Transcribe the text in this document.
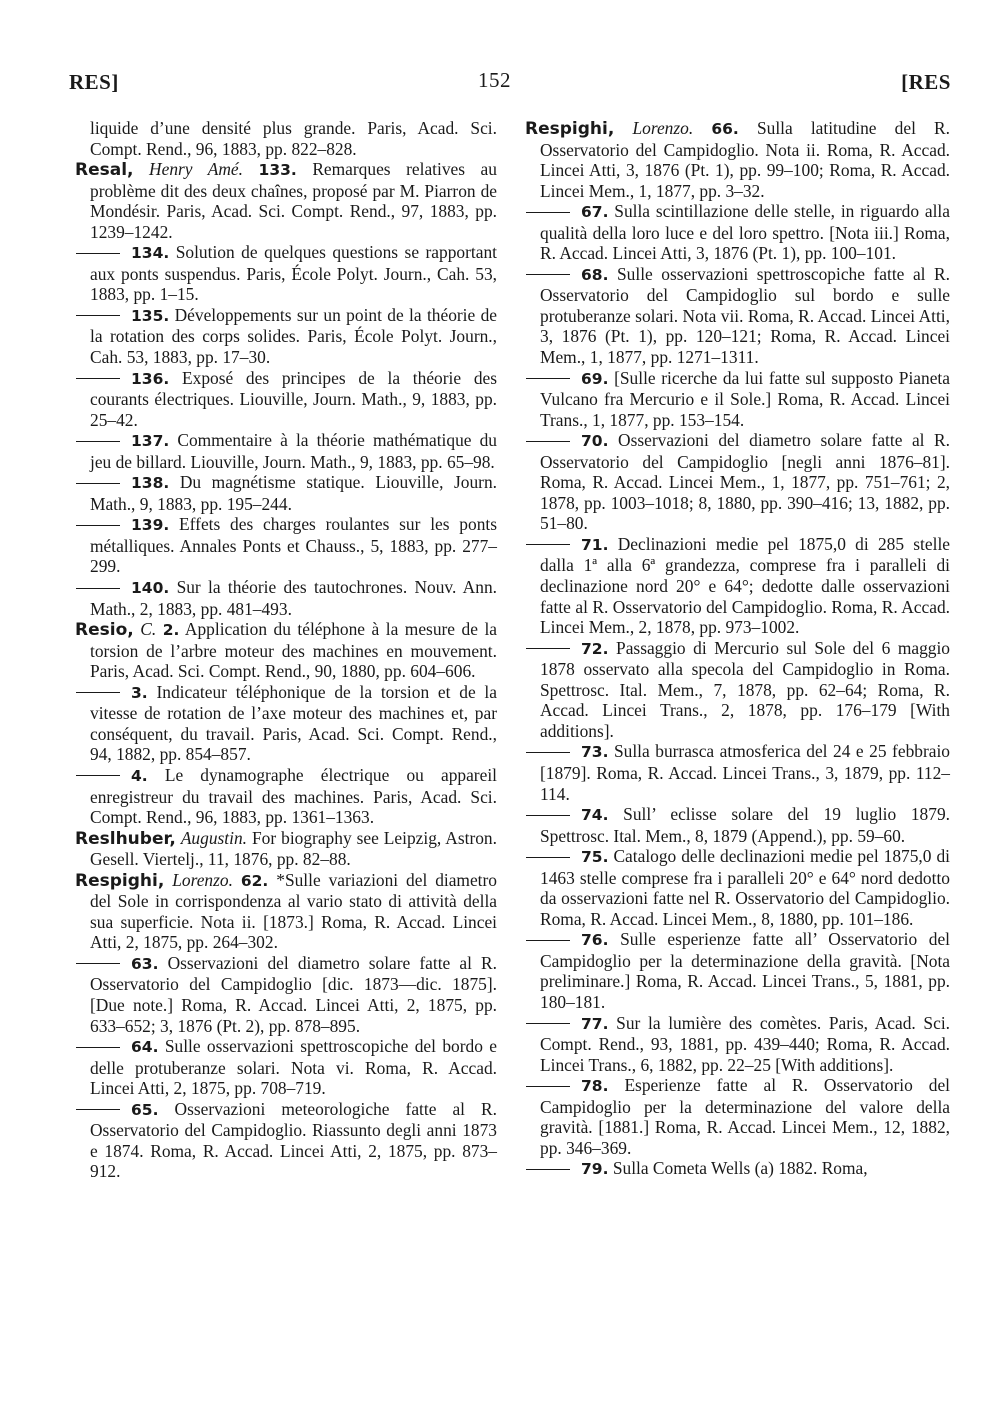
RES]	152	[RES

liquide d’une densité plus grande. Paris, Acad. Sci. Compt. Rend., 96, 1883, pp. 822–828.

Resal, Henry Amé. 133. Remarques relatives au problème dit des deux chaînes, proposé par M. Piarron de Mondésir. Paris, Acad. Sci. Compt. Rend., 97, 1883, pp. 1239–1242.

134. Solution de quelques questions se rapportant aux ponts suspendus. Paris, École Polyt. Journ., Cah. 53, 1883, pp. 1–15.

135. Développements sur un point de la théorie de la rotation des corps solides. Paris, École Polyt. Journ., Cah. 53, 1883, pp. 17–30.

136. Exposé des principes de la théorie des courants électriques. Liouville, Journ. Math., 9, 1883, pp. 25–42.

137. Commentaire à la théorie mathématique du jeu de billard. Liouville, Journ. Math., 9, 1883, pp. 65–98.

138. Du magnétisme statique. Liouville, Journ. Math., 9, 1883, pp. 195–244.

139. Effets des charges roulantes sur les ponts métalliques. Annales Ponts et Chauss., 5, 1883, pp. 277–299.

140. Sur la théorie des tautochrones. Nouv. Ann. Math., 2, 1883, pp. 481–493.

Resio, C. 2. Application du téléphone à la mesure de la torsion de l’arbre moteur des machines en mouvement. Paris, Acad. Sci. Compt. Rend., 90, 1880, pp. 604–606.

3. Indicateur téléphonique de la torsion et de la vitesse de rotation de l’axe moteur des machines et, par conséquent, du travail. Paris, Acad. Sci. Compt. Rend., 94, 1882, pp. 854–857.

4. Le dynamographe électrique ou appareil enregistreur du travail des machines. Paris, Acad. Sci. Compt. Rend., 96, 1883, pp. 1361–1363.

Reslhuber, Augustin. For biography see Leipzig, Astron. Gesell. Viertelj., 11, 1876, pp. 82–88.

Respighi, Lorenzo. 62. *Sulle variazioni del diametro del Sole in corrispondenza al vario stato di attività della sua superficie. Nota ii. [1873.] Roma, R. Accad. Lincei Atti, 2, 1875, pp. 264–302.

63. Osservazioni del diametro solare fatte al R. Osservatorio del Campidoglio [dic. 1873—dic. 1875]. [Due note.] Roma, R. Accad. Lincei Atti, 2, 1875, pp. 633–652; 3, 1876 (Pt. 2), pp. 878–895.

64. Sulle osservazioni spettroscopiche del bordo e delle protuberanze solari. Nota vi. Roma, R. Accad. Lincei Atti, 2, 1875, pp. 708–719.

65. Osservazioni meteorologiche fatte al R. Osservatorio del Campidoglio. Riassunto degli anni 1873 e 1874. Roma, R. Accad. Lincei Atti, 2, 1875, pp. 873–912.

Respighi, Lorenzo. 66. Sulla latitudine del R. Osservatorio del Campidoglio. Nota ii. Roma, R. Accad. Lincei Atti, 3, 1876 (Pt. 1), pp. 99–100; Roma, R. Accad. Lincei Mem., 1, 1877, pp. 3–32.

67. Sulla scintillazione delle stelle, in riguardo alla qualità della loro luce e del loro spettro. [Nota iii.] Roma, R. Accad. Lincei Atti, 3, 1876 (Pt. 1), pp. 100–101.

68. Sulle osservazioni spettroscopiche fatte al R. Osservatorio del Campidoglio sul bordo e sulle protuberanze solari. Nota vii. Roma, R. Accad. Lincei Atti, 3, 1876 (Pt. 1), pp. 120–121; Roma, R. Accad. Lincei Mem., 1, 1877, pp. 1271–1311.

69. [Sulle ricerche da lui fatte sul supposto Pianeta Vulcano fra Mercurio e il Sole.] Roma, R. Accad. Lincei Trans., 1, 1877, pp. 153–154.

70. Osservazioni del diametro solare fatte al R. Osservatorio del Campidoglio [negli anni 1876–81]. Roma, R. Accad. Lincei Mem., 1, 1877, pp. 751–761; 2, 1878, pp. 1003–1018; 8, 1880, pp. 390–416; 13, 1882, pp. 51–80.

71. Declinazioni medie pel 1875,0 di 285 stelle dalla 1ª alla 6ª grandezza, comprese fra i paralleli di declinazione nord 20° e 64°; dedotte dalle osservazioni fatte al R. Osservatorio del Campidoglio. Roma, R. Accad. Lincei Mem., 2, 1878, pp. 973–1002.

72. Passaggio di Mercurio sul Sole del 6 maggio 1878 osservato alla specola del Campidoglio in Roma. Spettrosc. Ital. Mem., 7, 1878, pp. 62–64; Roma, R. Accad. Lincei Trans., 2, 1878, pp. 176–179 [With additions].

73. Sulla burrasca atmosferica del 24 e 25 febbraio [1879]. Roma, R. Accad. Lincei Trans., 3, 1879, pp. 112–114.

74. Sull’ eclisse solare del 19 luglio 1879. Spettrosc. Ital. Mem., 8, 1879 (Append.), pp. 59–60.

75. Catalogo delle declinazioni medie pel 1875,0 di 1463 stelle comprese fra i paralleli 20° e 64° nord dedotto da osservazioni fatte nel R. Osservatorio del Campidoglio. Roma, R. Accad. Lincei Mem., 8, 1880, pp. 101–186.

76. Sulle esperienze fatte all’ Osservatorio del Campidoglio per la determinazione della gravità. [Nota preliminare.] Roma, R. Accad. Lincei Trans., 5, 1881, pp. 180–181.

77. Sur la lumière des comètes. Paris, Acad. Sci. Compt. Rend., 93, 1881, pp. 439–440; Roma, R. Accad. Lincei Trans., 6, 1882, pp. 22–25 [With additions].

78. Esperienze fatte al R. Osservatorio del Campidoglio per la determinazione del valore della gravità. [1881.] Roma, R. Accad. Lincei Mem., 12, 1882, pp. 346–369.

79. Sulla Cometa Wells (a) 1882. Roma,
